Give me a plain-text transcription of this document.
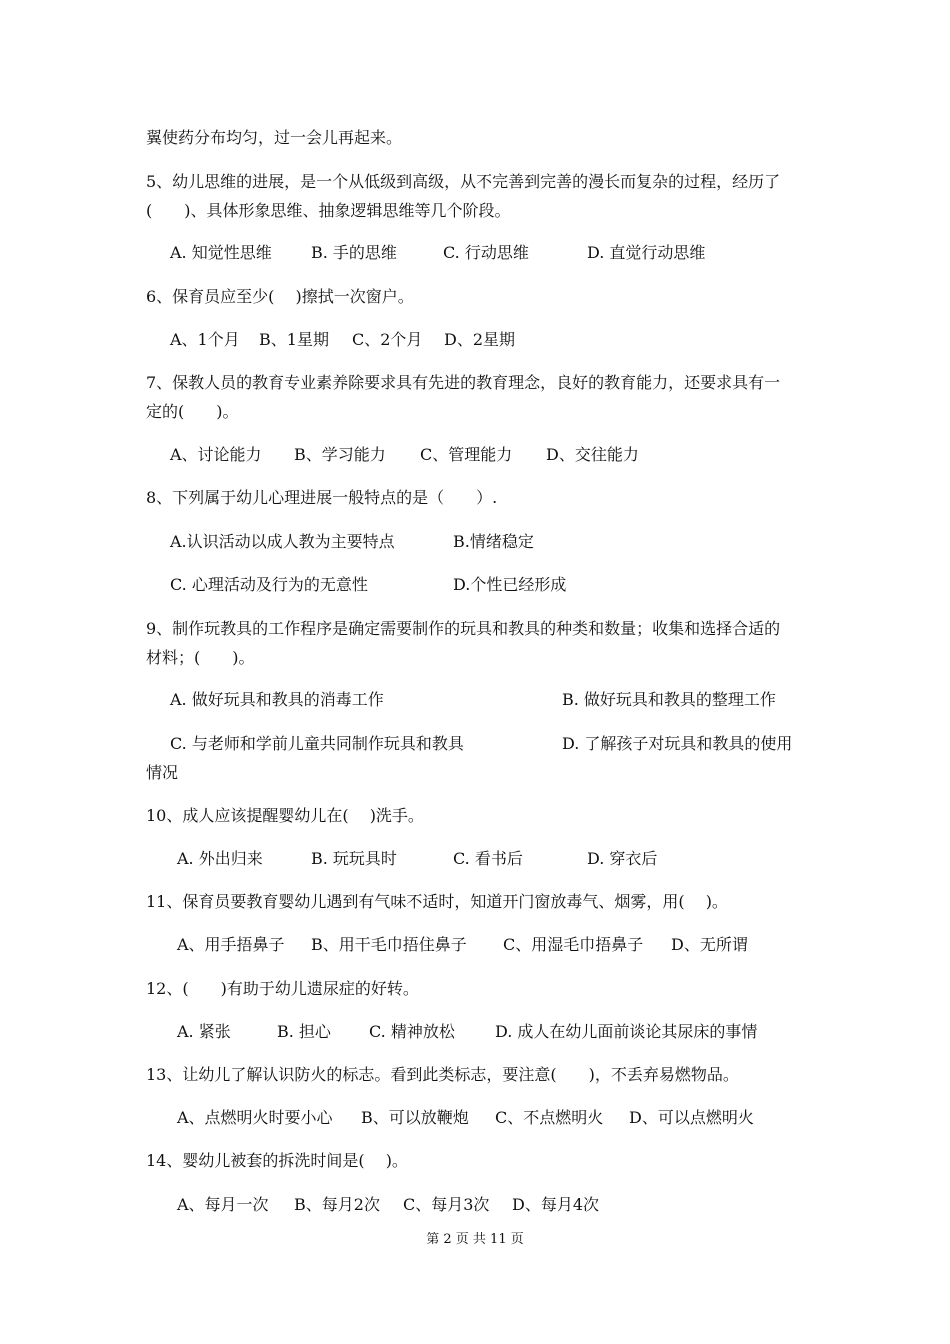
翼使药分布均匀，过一会儿再起来。
5、幼儿思维的进展，是一个从低级到高级，从不完善到完善的漫长而复杂的过程，经历了
(　　)、具体形象思维、抽象逻辑思维等几个阶段。
A. 知觉性思维 B. 手的思维	C. 行动思维	D. 直觉行动思维
6、保育员应至少(　 )擦拭一次窗户。
A、1个月 B、1星期 C、2个月 D、2星期
7、保教人员的教育专业素养除要求具有先进的教育理念，良好的教育能力，还要求具有一
定的(　　)。
A、讨论能力 B、学习能力 C、管理能力 D、交往能力
8、下列属于幼儿心理进展一般特点的是（　　）.
A.认识活动以成人教为主要特点	B.情绪稳定
C. 心理活动及行为的无意性	D.个性已经形成
9、制作玩教具的工作程序是确定需要制作的玩具和教具的种类和数量；收集和选择合适的
材料；(　　)。
A. 做好玩具和教具的消毒工作	B. 做好玩具和教具的整理工作
C. 与老师和学前儿童共同制作玩具和教具	D. 了解孩子对玩具和教具的使用
情况
10、成人应该提醒婴幼儿在(　 )洗手。
A. 外出归来	B. 玩玩具时	C. 看书后	D. 穿衣后
11、保育员要教育婴幼儿遇到有气味不适时，知道开门窗放毒气、烟雾，用(　 )。
A、用手捂鼻子 B、用干毛巾捂住鼻子 C、用湿毛巾捂鼻子 D、无所谓
12、(　　)有助于幼儿遗尿症的好转。
A. 紧张	B. 担心 C. 精神放松	D. 成人在幼儿面前谈论其尿床的事情
13、让幼儿了解认识防火的标志。看到此类标志，要注意(　　)，不丢弃易燃物品。
A、点燃明火时要小心 B、可以放鞭炮 C、不点燃明火 D、可以点燃明火
14、婴幼儿被套的拆洗时间是(　 )。
A、每月一次 B、每月2次 C、每月3次 D、每月4次
第 2 页 共 11 页
